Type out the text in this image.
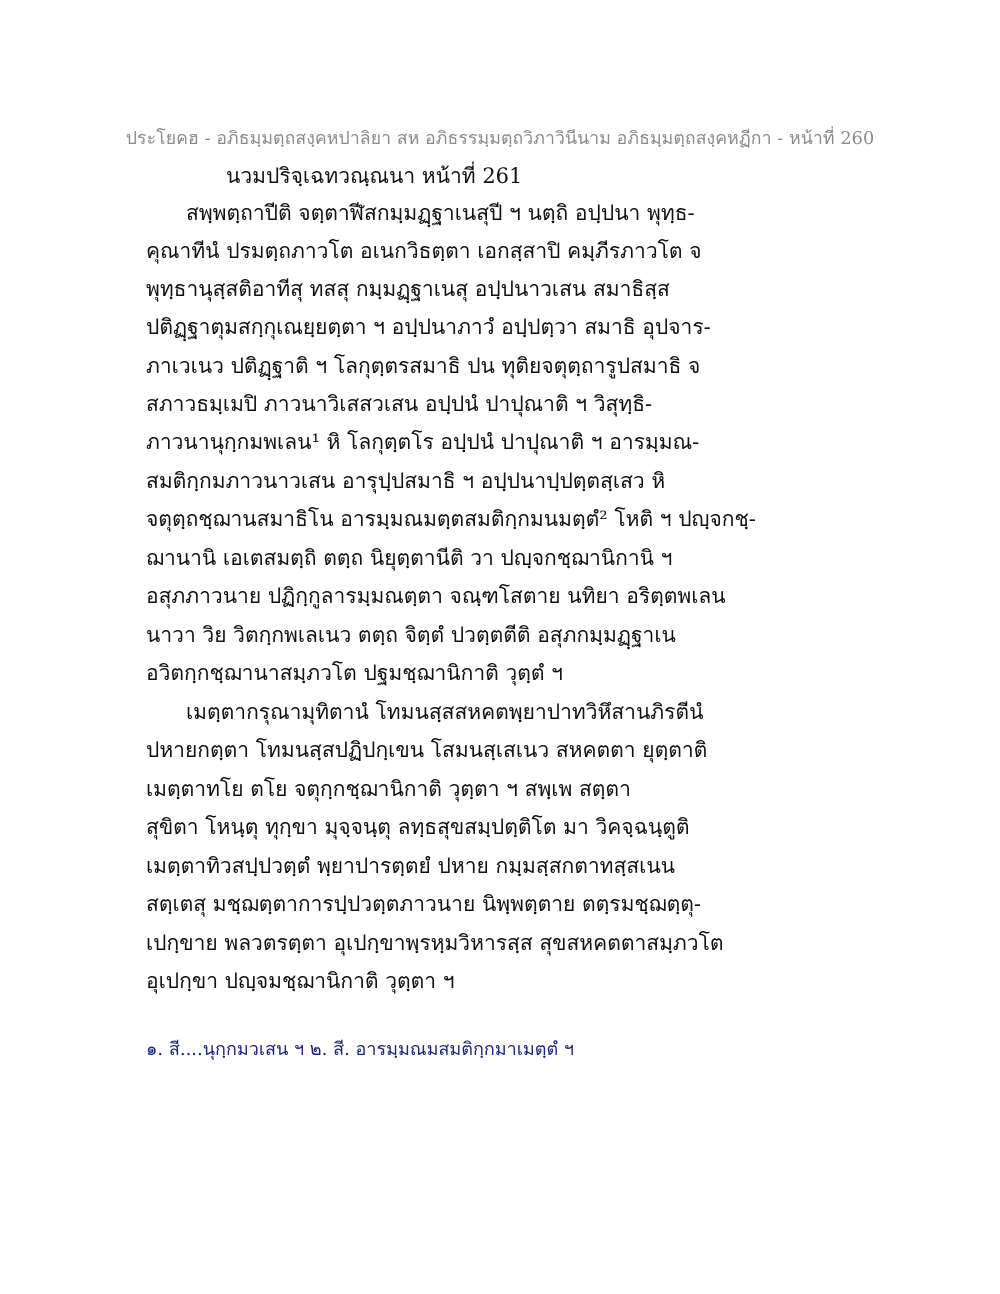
ประโยคฮ - อภิธมฺมตฺถสงฺคหปาลิยา สห อภิธรรมฺมตฺถวิภาวินีนาม อภิธมฺมตฺถสงฺคหฏีกา - หน้าที่ 260
นวมปริจฺเฉทวณฺณนา หน้าที่ 261
สพฺพตฺถาปีติ จตฺตาฬีสกมฺมฏฺฐาเนสุปี ฯ นตฺถิ อปฺปนา พุทฺธ-
คุณาทีนํ ปรมตฺถภาวโต อเนกวิธตฺตา เอกสฺสาปิ คมฺภีรภาวโต จ
พุทฺธานุสฺสติอาทีสุ ทสสุ กมฺมฏฺฐาเนสุ อปฺปนาวเสน สมาธิสฺส
ปติฏฺฐาตุมสกฺกุเณยฺยตฺตา ฯ อปฺปนาภาวํ อปฺปตฺวา สมาธิ อุปจาร-
ภาเวเนว ปติฏฺฐาติ ฯ โลกุตฺตรสมาธิ ปน ทุติยจตุตฺถารูปสมาธิ จ
สภาวธมฺเมปิ ภาวนาวิเสสวเสน อปฺปนํ ปาปุณาติ ฯ วิสุทฺธิ-
ภาวนานุกฺกมพเลน¹ หิ โลกุตฺตโร อปฺปนํ ปาปุณาติ ฯ อารมฺมณ-
สมติกฺกมภาวนาวเสน อารุปฺปสมาธิ ฯ อปฺปนาปฺปตฺตสฺเสว หิ
จตุตฺถชฺฌานสมาธิโน อารมฺมณมตฺตสมติกฺกมนมตฺตํ² โหติ ฯ ปญฺจกชฺ-
ฌานานิ เอเตสมตฺถิ ตตฺถ นิยุตฺตานีติ วา ปญฺจกชฺฌานิกานิ ฯ
อสุภภาวนาย ปฏิกฺกูลารมฺมณตฺตา จณฺฑโสตาย นทิยา อริตฺตพเลน
นาวา วิย วิตกฺกพเลเนว ตตฺถ จิตฺตํ ปวตฺตตีติ อสุภกมฺมฏฺฐาเน
อวิตกฺกชฺฌานาสมฺภวโต ปฐมชฺฌานิกาติ วุตฺตํ ฯ
เมตฺตากรุณามุทิตานํ โทมนสฺสสหคตพฺยาปาทวิหึสานภิรตีนํ
ปหายกตฺตา โทมนสฺสปฏิปกฺเขน โสมนสฺเสเนว สหคตตา ยุตฺตาติ
เมตฺตาทโย ตโย จตุกฺกชฺฌานิกาติ วุตฺตา ฯ สพฺเพ สตฺตา
สุขิตา โหนฺตุ ทุกฺขา มุจฺจนฺตุ ลทฺธสุขสมฺปตฺติโต มา วิคจฺฉนฺตูติ
เมตฺตาทิวสปฺปวตฺตํ พฺยาปารตฺตยํ ปหาย กมฺมสฺสกตาทสฺสเนน
สตฺเตสุ มชฺฌตฺตาการปฺปวตฺตภาวนาย นิพฺพตฺตาย ตตฺรมชฺฌตฺตุ-
เปกฺขาย พลวตรตฺตา อุเปกฺขาพฺรหฺมวิหารสฺส สุขสหคตตาสมฺภวโต
อุเปกฺขา ปญฺจมชฺฌานิกาติ วุตฺตา ฯ
๑. สี....นุกฺกมวเสน ฯ ๒. สี. อารมฺมณมสมติกฺกมาเมตฺตํ ฯ
